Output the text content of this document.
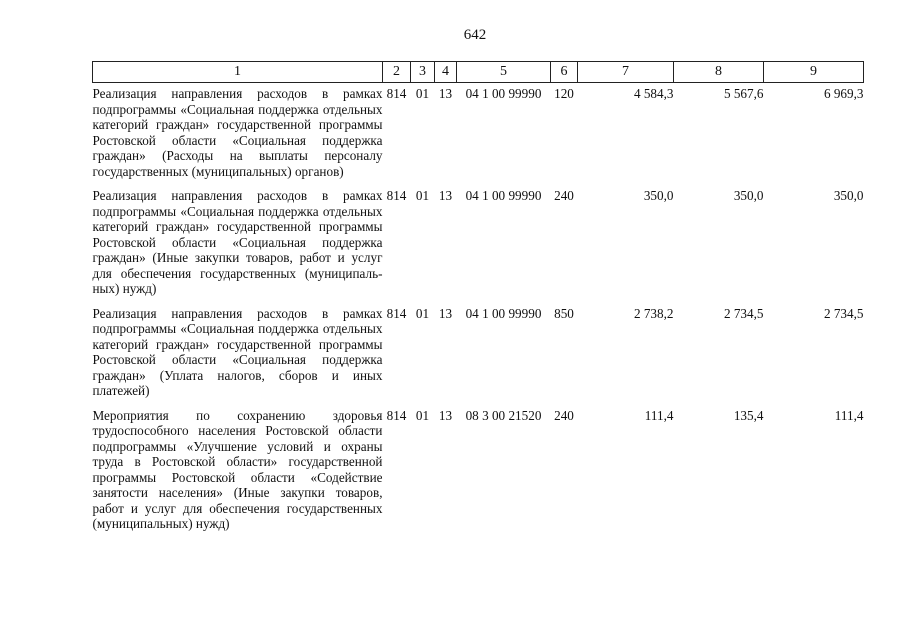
642
1	2	3	4	5	6	7	8	9
Реализация направления расходов в рамках подпрограммы «Социальная поддержка отдельных категорий граждан» государственной программы Ростовской области «Социальная поддержка граждан» (Расходы на выплаты персоналу государственных (муниципальных) органов)	814	01	13	04 1 00 99990	120	4 584,3	5 567,6	6 969,3
Реализация направления расходов в рамках подпрограммы «Социальная поддержка отдельных категорий граждан» государственной программы Ростовской области «Социальная поддержка граждан» (Иные закупки товаров, работ и услуг для обеспечения государственных (муниципальных) нужд)	814	01	13	04 1 00 99990	240	350,0	350,0	350,0
Реализация направления расходов в рамках подпрограммы «Социальная поддержка отдельных категорий граждан» государственной программы Ростовской области «Социальная поддержка граждан» (Уплата налогов, сборов и иных платежей)	814	01	13	04 1 00 99990	850	2 738,2	2 734,5	2 734,5
Мероприятия по сохранению здоровья трудоспособного населения Ростовской области подпрограммы «Улучшение условий и охраны труда в Ростовской области» государственной программы Ростовской области «Содействие занятости населения» (Иные закупки товаров, работ и услуг для обеспечения государственных (муниципальных) нужд)	814	01	13	08 3 00 21520	240	111,4	135,4	111,4
